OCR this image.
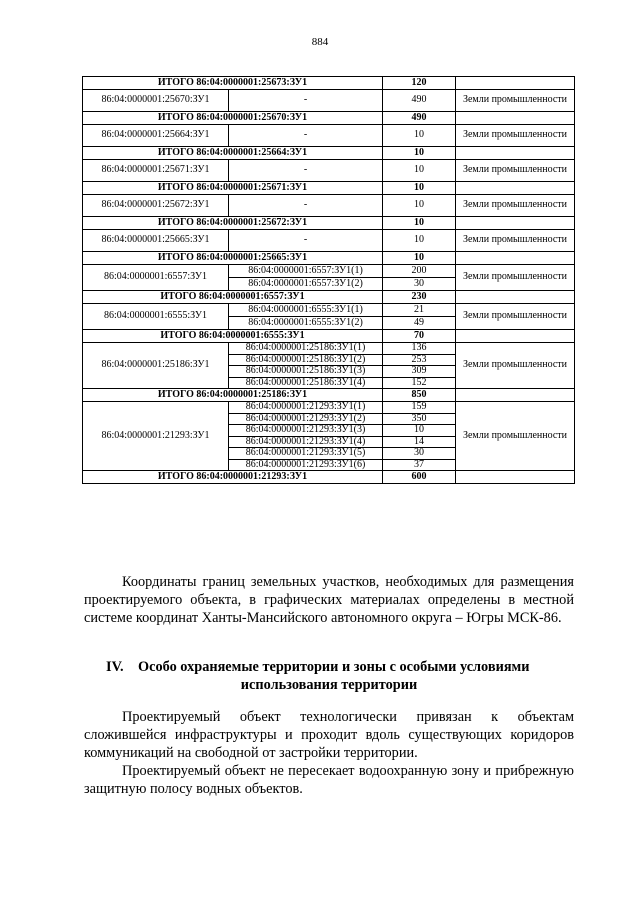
884
ИТОГО 86:04:0000001:25673:ЗУ1		120	
86:04:0000001:25670:ЗУ1	-	490	Земли промышленности
ИТОГО 86:04:0000001:25670:ЗУ1		490	
86:04:0000001:25664:ЗУ1	-	10	Земли промышленности
ИТОГО 86:04:0000001:25664:ЗУ1		10	
86:04:0000001:25671:ЗУ1	-	10	Земли промышленности
ИТОГО 86:04:0000001:25671:ЗУ1		10	
86:04:0000001:25672:ЗУ1	-	10	Земли промышленности
ИТОГО 86:04:0000001:25672:ЗУ1		10	
86:04:0000001:25665:ЗУ1	-	10	Земли промышленности
ИТОГО 86:04:0000001:25665:ЗУ1		10	
86:04:0000001:6557:ЗУ1	86:04:0000001:6557:ЗУ1(1)	200	Земли промышленности
	86:04:0000001:6557:ЗУ1(2)	30	
ИТОГО 86:04:0000001:6557:ЗУ1		230	
86:04:0000001:6555:ЗУ1	86:04:0000001:6555:ЗУ1(1)	21	Земли промышленности
	86:04:0000001:6555:ЗУ1(2)	49	
ИТОГО 86:04:0000001:6555:ЗУ1		70	
86:04:0000001:25186:ЗУ1	86:04:0000001:25186:ЗУ1(1)	136	Земли промышленности
	86:04:0000001:25186:ЗУ1(2)	253	
	86:04:0000001:25186:ЗУ1(3)	309	
	86:04:0000001:25186:ЗУ1(4)	152	
ИТОГО 86:04:0000001:25186:ЗУ1		850	
86:04:0000001:21293:ЗУ1	86:04:0000001:21293:ЗУ1(1)	159	Земли промышленности
	86:04:0000001:21293:ЗУ1(2)	350	
	86:04:0000001:21293:ЗУ1(3)	10	
	86:04:0000001:21293:ЗУ1(4)	14	
	86:04:0000001:21293:ЗУ1(5)	30	
	86:04:0000001:21293:ЗУ1(6)	37	
ИТОГО 86:04:0000001:21293:ЗУ1		600	
Координаты границ земельных участков, необходимых для размещения проектируемого объекта, в графических материалах определены в местной системе координат Ханты-Мансийского автономного округа – Югры МСК-86.
IV. Особо охраняемые территории и зоны с особыми условиями
использования территории
Проектируемый объект технологически привязан к объектам сложившейся инфраструктуры и проходит вдоль существующих коридоров коммуникаций на свободной от застройки территории.
Проектируемый объект не пересекает водоохранную зону и прибрежную защитную полосу водных объектов.
